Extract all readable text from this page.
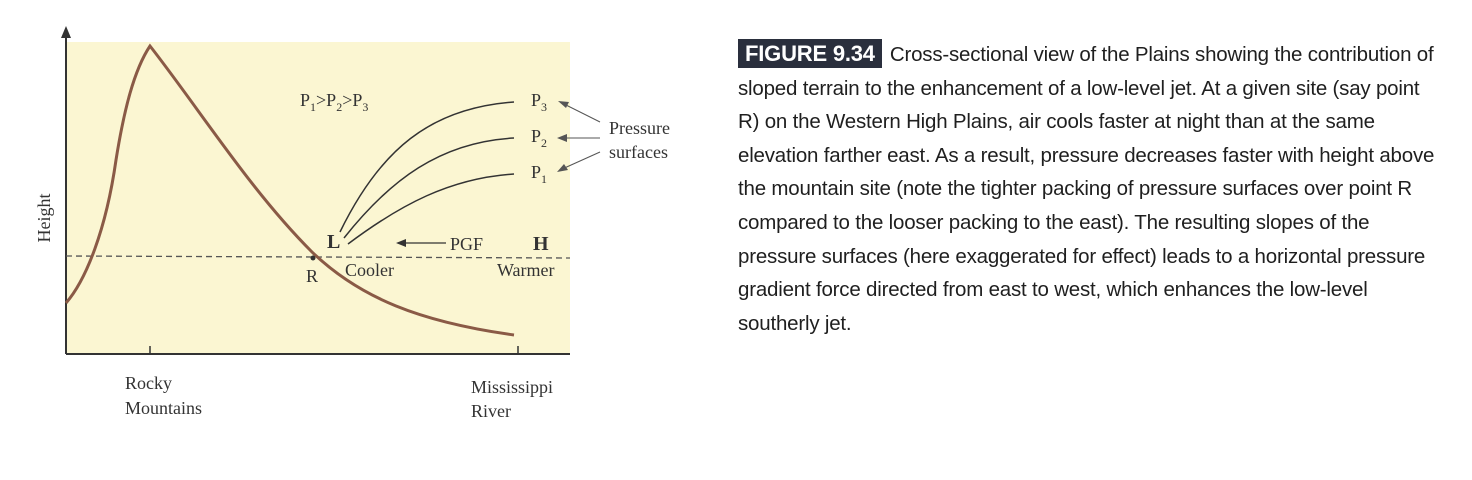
Height
$P_1>P_2>P_3$	$P_3$
$P_2$
$P_1$
Pressure
surfaces
L	H
PGF
R Cooler	Warmer
Rocky
Mountains
Mississippi
River
FIGURE 9.34 Cross-sectional view of the Plains showing the contribution of sloped terrain to the enhancement of a low-level jet. At a given site (say point R) on the Western High Plains, air cools faster at night than at the same elevation farther east. As a result, pressure decreases faster with height above the mountain site (note the tighter packing of pressure surfaces over point R compared to the looser packing to the east). The resulting slopes of the pressure surfaces (here exaggerated for effect) leads to a horizontal pressure gradient force directed from east to west, which enhances the low-level southerly jet.
